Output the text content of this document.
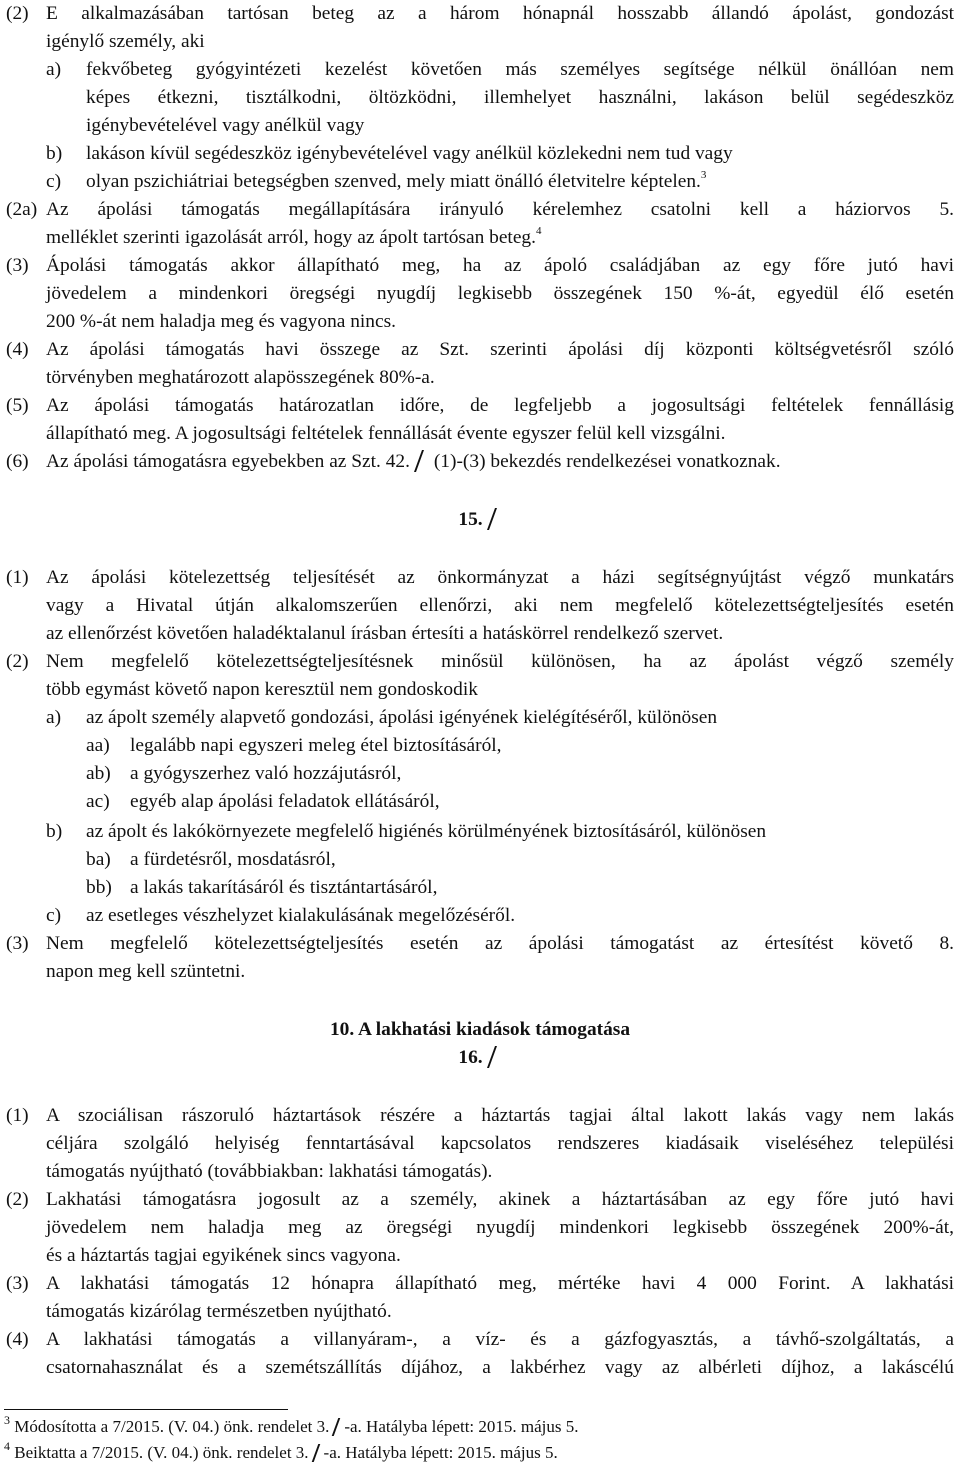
(2) E alkalmazásában tartósan beteg az a három hónapnál hosszabb állandó ápolást, gondozást
igénylő személy, aki
a) fekvőbeteg gyógyintézeti kezelést követően más személyes segítsége nélkül önállóan nem
képes étkezni, tisztálkodni, öltözködni, illemhelyet használni, lakáson belül segédeszköz
igénybevételével vagy anélkül vagy
b) lakáson kívül segédeszköz igénybevételével vagy anélkül közlekedni nem tud vagy
c) olyan pszichiátriai betegségben szenved, mely miatt önálló életvitelre képtelen.$^3$
(2a) Az ápolási támogatás megállapítására irányuló kérelemhez csatolni kell a háziorvos 5.
melléklet szerinti igazolását arról, hogy az ápolt tartósan beteg.$^4$
(3) Ápolási támogatás akkor állapítható meg, ha az ápoló családjában az egy főre jutó havi
jövedelem a mindenkori öregségi nyugdíj legkisebb összegének 150 %-át, egyedül élő esetén
200 %-át nem haladja meg és vagyona nincs.
(4) Az ápolási támogatás havi összege az Szt. szerinti ápolási díj központi költségvetésről szóló
törvényben meghatározott alapösszegének 80%-a.
(5) Az ápolási támogatás határozatlan időre, de legfeljebb a jogosultsági feltételek fennállásig
állapítható meg. A jogosultsági feltételek fennállását évente egyszer felül kell vizsgálni.
(6) Az ápolási támogatásra egyebekben az Szt. 42. (1)-(3) bekezdés rendelkezései vonatkoznak.
15.
(1) Az ápolási kötelezettség teljesítését az önkormányzat a házi segítségnyújtást végző munkatárs
vagy a Hivatal útján alkalomszerűen ellenőrzi, aki nem megfelelő kötelezettségteljesítés esetén
az ellenőrzést követően haladéktalanul írásban értesíti a hatáskörrel rendelkező szervet.
(2) Nem megfelelő kötelezettségteljesítésnek minősül különösen, ha az ápolást végző személy
több egymást követő napon keresztül nem gondoskodik
a) az ápolt személy alapvető gondozási, ápolási igényének kielégítéséről, különösen
aa) legalább napi egyszeri meleg étel biztosításáról,
ab) a gyógyszerhez való hozzájutásról,
ac) egyéb alap ápolási feladatok ellátásáról,
b) az ápolt és lakókörnyezete megfelelő higiénés körülményének biztosításáról, különösen
ba) a fürdetésről, mosdatásról,
bb) a lakás takarításáról és tisztántartásáról,
c) az esetleges vészhelyzet kialakulásának megelőzéséről.
(3) Nem megfelelő kötelezettségteljesítés esetén az ápolási támogatást az értesítést követő 8.
napon meg kell szüntetni.
10. A lakhatási kiadások támogatása
16.
(1) A szociálisan rászoruló háztartások részére a háztartás tagjai által lakott lakás vagy nem lakás
céljára szolgáló helyiség fenntartásával kapcsolatos rendszeres kiadásaik viseléséhez települési
támogatás nyújtható (továbbiakban: lakhatási támogatás).
(2) Lakhatási támogatásra jogosult az a személy, akinek a háztartásában az egy főre jutó havi
jövedelem nem haladja meg az öregségi nyugdíj mindenkori legkisebb összegének 200%-át,
és a háztartás tagjai egyikének sincs vagyona.
(3) A lakhatási támogatás 12 hónapra állapítható meg, mértéke havi 4 000 Forint. A lakhatási
támogatás kizárólag természetben nyújtható.
(4) A lakhatási támogatás a villanyáram-, a víz- és a gázfogyasztás, a távhő-szolgáltatás, a
csatornahasználat és a szemétszállítás díjához, a lakbérhez vagy az albérleti díjhoz, a lakáscélú
$^3$ Módosította a 7/2015. (V. 04.) önk. rendelet 3. -a. Hatályba lépett: 2015. május 5.
$^4$ Beiktatta a 7/2015. (V. 04.) önk. rendelet 3. -a. Hatályba lépett: 2015. május 5.
